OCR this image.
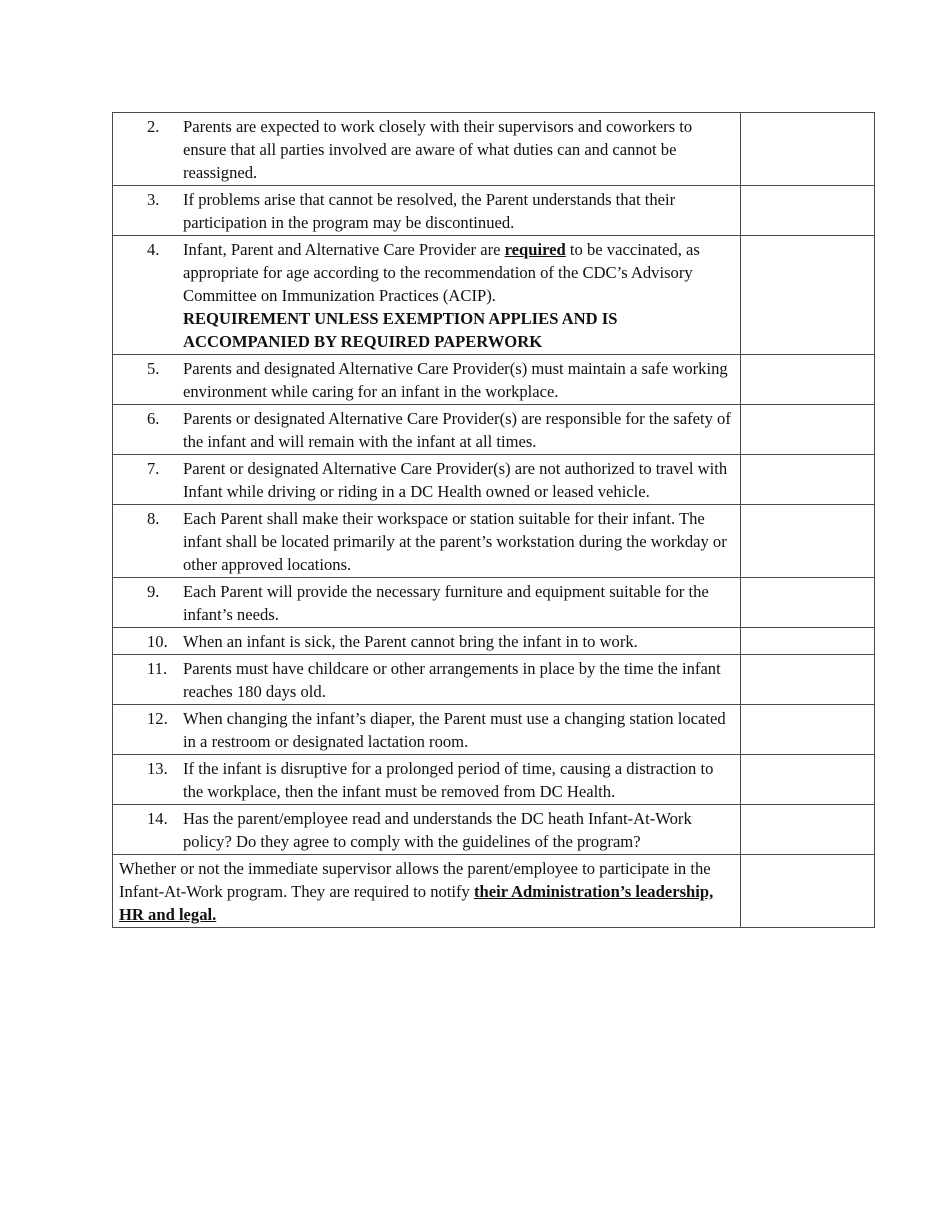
2. Parents are expected to work closely with their supervisors and coworkers to ensure that all parties involved are aware of what duties can and cannot be reassigned.	

3. If problems arise that cannot be resolved, the Parent understands that their participation in the program may be discontinued.	

4. Infant, Parent and Alternative Care Provider are required to be vaccinated, as appropriate for age according to the recommendation of the CDC’s Advisory Committee on Immunization Practices (ACIP).
REQUIREMENT UNLESS EXEMPTION APPLIES AND IS ACCOMPANIED BY REQUIRED PAPERWORK	

5. Parents and designated Alternative Care Provider(s) must maintain a safe working environment while caring for an infant in the workplace.	

6. Parents or designated Alternative Care Provider(s) are responsible for the safety of the infant and will remain with the infant at all times.	

7. Parent or designated Alternative Care Provider(s) are not authorized to travel with Infant while driving or riding in a DC Health owned or leased vehicle.	

8. Each Parent shall make their workspace or station suitable for their infant. The infant shall be located primarily at the parent’s workstation during the workday or other approved locations.	

9. Each Parent will provide the necessary furniture and equipment suitable for the infant’s needs.	

10. When an infant is sick, the Parent cannot bring the infant in to work.	

11. Parents must have childcare or other arrangements in place by the time the infant reaches 180 days old.	

12. When changing the infant’s diaper, the Parent must use a changing station located in a restroom or designated lactation room.	

13. If the infant is disruptive for a prolonged period of time, causing a distraction to the workplace, then the infant must be removed from DC Health.	

14. Has the parent/employee read and understands the DC heath Infant-At-Work policy? Do they agree to comply with the guidelines of the program?	

Whether or not the immediate supervisor allows the parent/employee to participate in the Infant-At-Work program. They are required to notify their Administration’s leadership, HR and legal.	
